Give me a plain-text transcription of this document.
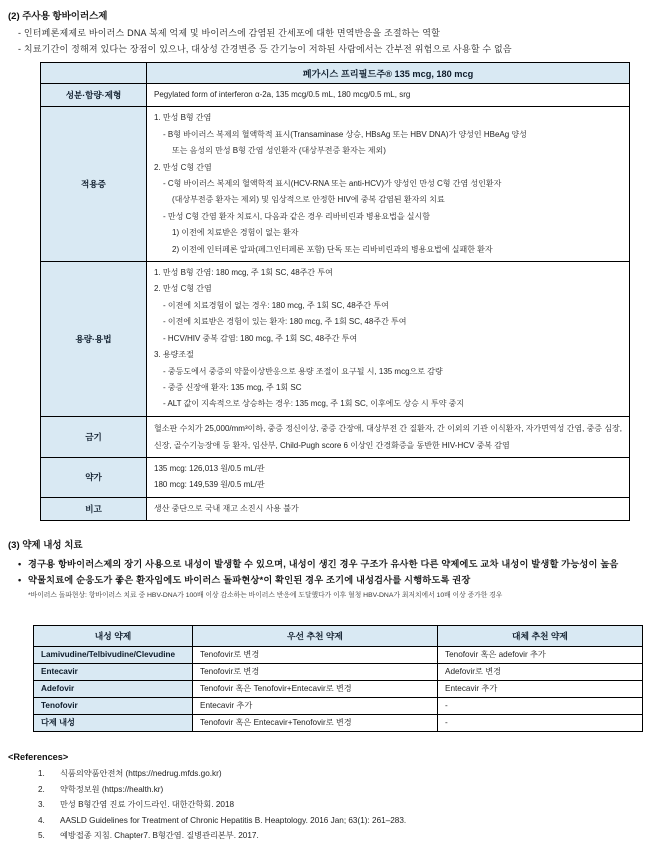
(2) 주사용 항바이러스제
- 인터페론제제로 바이러스 DNA 복제 억제 및 바이러스에 감염된 간세포에 대한 면역반응을 조절하는 역할
- 치료기간이 정해져 있다는 장점이 있으나, 대상성 간경변증 등 간기능이 저하된 사람에서는 간부전 위험으로 사용할 수 없음
	페가시스 프리필드주® 135 mcg, 180 mcg
성분·함량·제형	Pegylated form of interferon α-2a, 135 mcg/0.5 mL, 180 mcg/0.5 mL, srg

적용증	
1. 만성 B형 간염
- B형 바이러스 복제의 혈액학적 표시(Transaminase 상승, HBsAg 또는 HBV DNA)가 양성인 HBeAg 양성
또는 음성의 만성 B형 간염 성인환자 (대상부전증 환자는 제외)
2. 만성 C형 간염
- C형 바이러스 복제의 혈액학적 표시(HCV-RNA 또는 anti-HCV)가 양성인 만성 C형 간염 성인환자
(대상부전증 환자는 제외) 및 임상적으로 안정한 HIV에 중복 감염된 환자의 치료
- 만성 C형 간염 환자 치료시, 다음과 같은 경우 리바비린과 병용요법을 실시함
1) 이전에 치료받은 경험이 없는 환자
2) 이전에 인터페론 알파(페그인터페론 포함) 단독 또는 리바비린과의 병용요법에 실패한 환자

용량·용법	
1. 만성 B형 간염: 180 mcg, 주 1회 SC, 48주간 투여
2. 만성 C형 간염
- 이전에 치료경험이 없는 경우: 180 mcg, 주 1회 SC, 48주간 투여
- 이전에 치료받은 경험이 있는 환자: 180 mcg, 주 1회 SC, 48주간 투여
- HCV/HIV 중복 감염: 180 mcg, 주 1회 SC, 48주간 투여
3. 용량조절
- 중등도에서 중증의 약물이상반응으로 용량 조절이 요구될 시, 135 mcg으로 감량
- 중증 신장애 환자: 135 mcg, 주 1회 SC
- ALT 값이 지속적으로 상승하는 경우: 135 mcg, 주 1회 SC, 이후에도 상승 시 투약 중지

금기	혈소판 수치가 25,000/mm³이하, 중증 정신이상, 중증 간장애, 대상부전 간 질환자, 간 이외의 기관 이식환자, 자가면역성 간염, 중증 심장, 신장, 골수기능장애 등 환자, 임산부, Child-Pugh score 6 이상인 간경화증을 동반한 HIV-HCV 중복 감염

약가	135 mcg: 126,013 원/0.5 mL/관
180 mcg: 149,539 원/0.5 mL/관

비고	생산 중단으로 국내 재고 소진시 사용 불가
(3) 약제 내성 치료
• 경구용 항바이러스제의 장기 사용으로 내성이 발생할 수 있으며, 내성이 생긴 경우 구조가 유사한 다른 약제에도 교차 내성이 발생할 가능성이 높음
• 약물치료에 순응도가 좋은 환자임에도 바이러스 돌파현상*이 확인된 경우 조기에 내성검사를 시행하도록 권장
*바이러스 돌파현상: 항바이러스 치료 중 HBV-DNA가 100배 이상 감소하는 바이러스 반응에 도달했다가 이후 혈청 HBV-DNA가 최저치에서 10배 이상 증가한 경우
내성 약제	우선 추천 약제	대체 추천 약제
Lamivudine/Telbivudine/Clevudine	Tenofovir로 변경	Tenofovir 혹은 adefovir 추가
Entecavir	Tenofovir로 변경	Adefovir로 변경
Adefovir	Tenofovir 혹은 Tenofovir+Entecavir로 변경	Entecavir 추가
Tenofovir	Entecavir 추가	-
다제 내성	Tenofovir 혹은 Entecavir+Tenofovir로 변경	-
<References>
1.	식품의약품안전처 (https://nedrug.mfds.go.kr)
2.	약학정보원 (https://health.kr)
3.	만성 B형간염 진료 가이드라인. 대한간학회. 2018
4.	AASLD Guidelines for Treatment of Chronic Hepatitis B. Heaptology. 2016 Jan; 63(1): 261–283.
5.	예방접종 지침. Chapter7. B형간염. 질병관리본부. 2017.
